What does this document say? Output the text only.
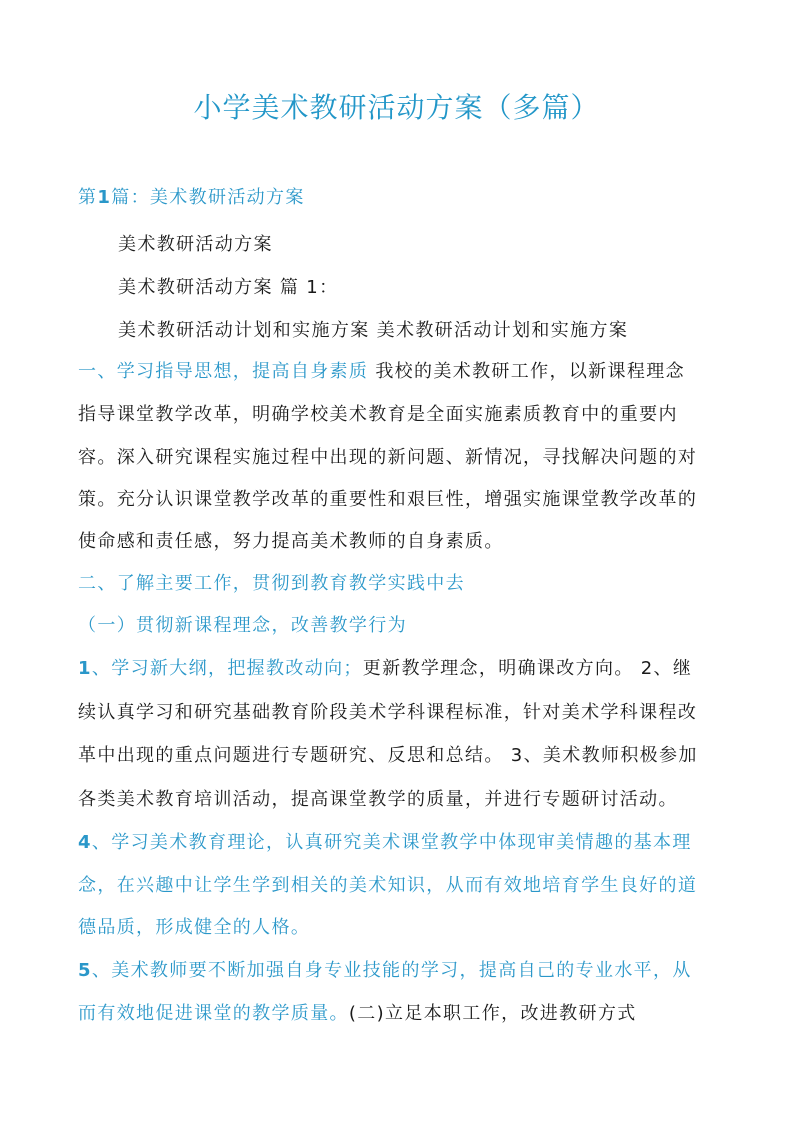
小学美术教研活动方案（多篇）
第1篇：美术教研活动方案
美术教研活动方案
美术教研活动方案 篇 1：
美术教研活动计划和实施方案 美术教研活动计划和实施方案
一、学习指导思想，提高自身素质 我校的美术教研工作，以新课程理念
指导课堂教学改革，明确学校美术教育是全面实施素质教育中的重要内
容。深入研究课程实施过程中出现的新问题、新情况，寻找解决问题的对
策。充分认识课堂教学改革的重要性和艰巨性，增强实施课堂教学改革的
使命感和责任感，努力提高美术教师的自身素质。
二、了解主要工作，贯彻到教育教学实践中去
（一）贯彻新课程理念，改善教学行为
1、学习新大纲，把握教改动向；更新教学理念，明确课改方向。 2、继
续认真学习和研究基础教育阶段美术学科课程标准，针对美术学科课程改
革中出现的重点问题进行专题研究、反思和总结。 3、美术教师积极参加
各类美术教育培训活动，提高课堂教学的质量，并进行专题研讨活动。
4、学习美术教育理论，认真研究美术课堂教学中体现审美情趣的基本理
念，在兴趣中让学生学到相关的美术知识，从而有效地培育学生良好的道
德品质，形成健全的人格。
5、美术教师要不断加强自身专业技能的学习，提高自己的专业水平，从
而有效地促进课堂的教学质量。(二)立足本职工作，改进教研方式
